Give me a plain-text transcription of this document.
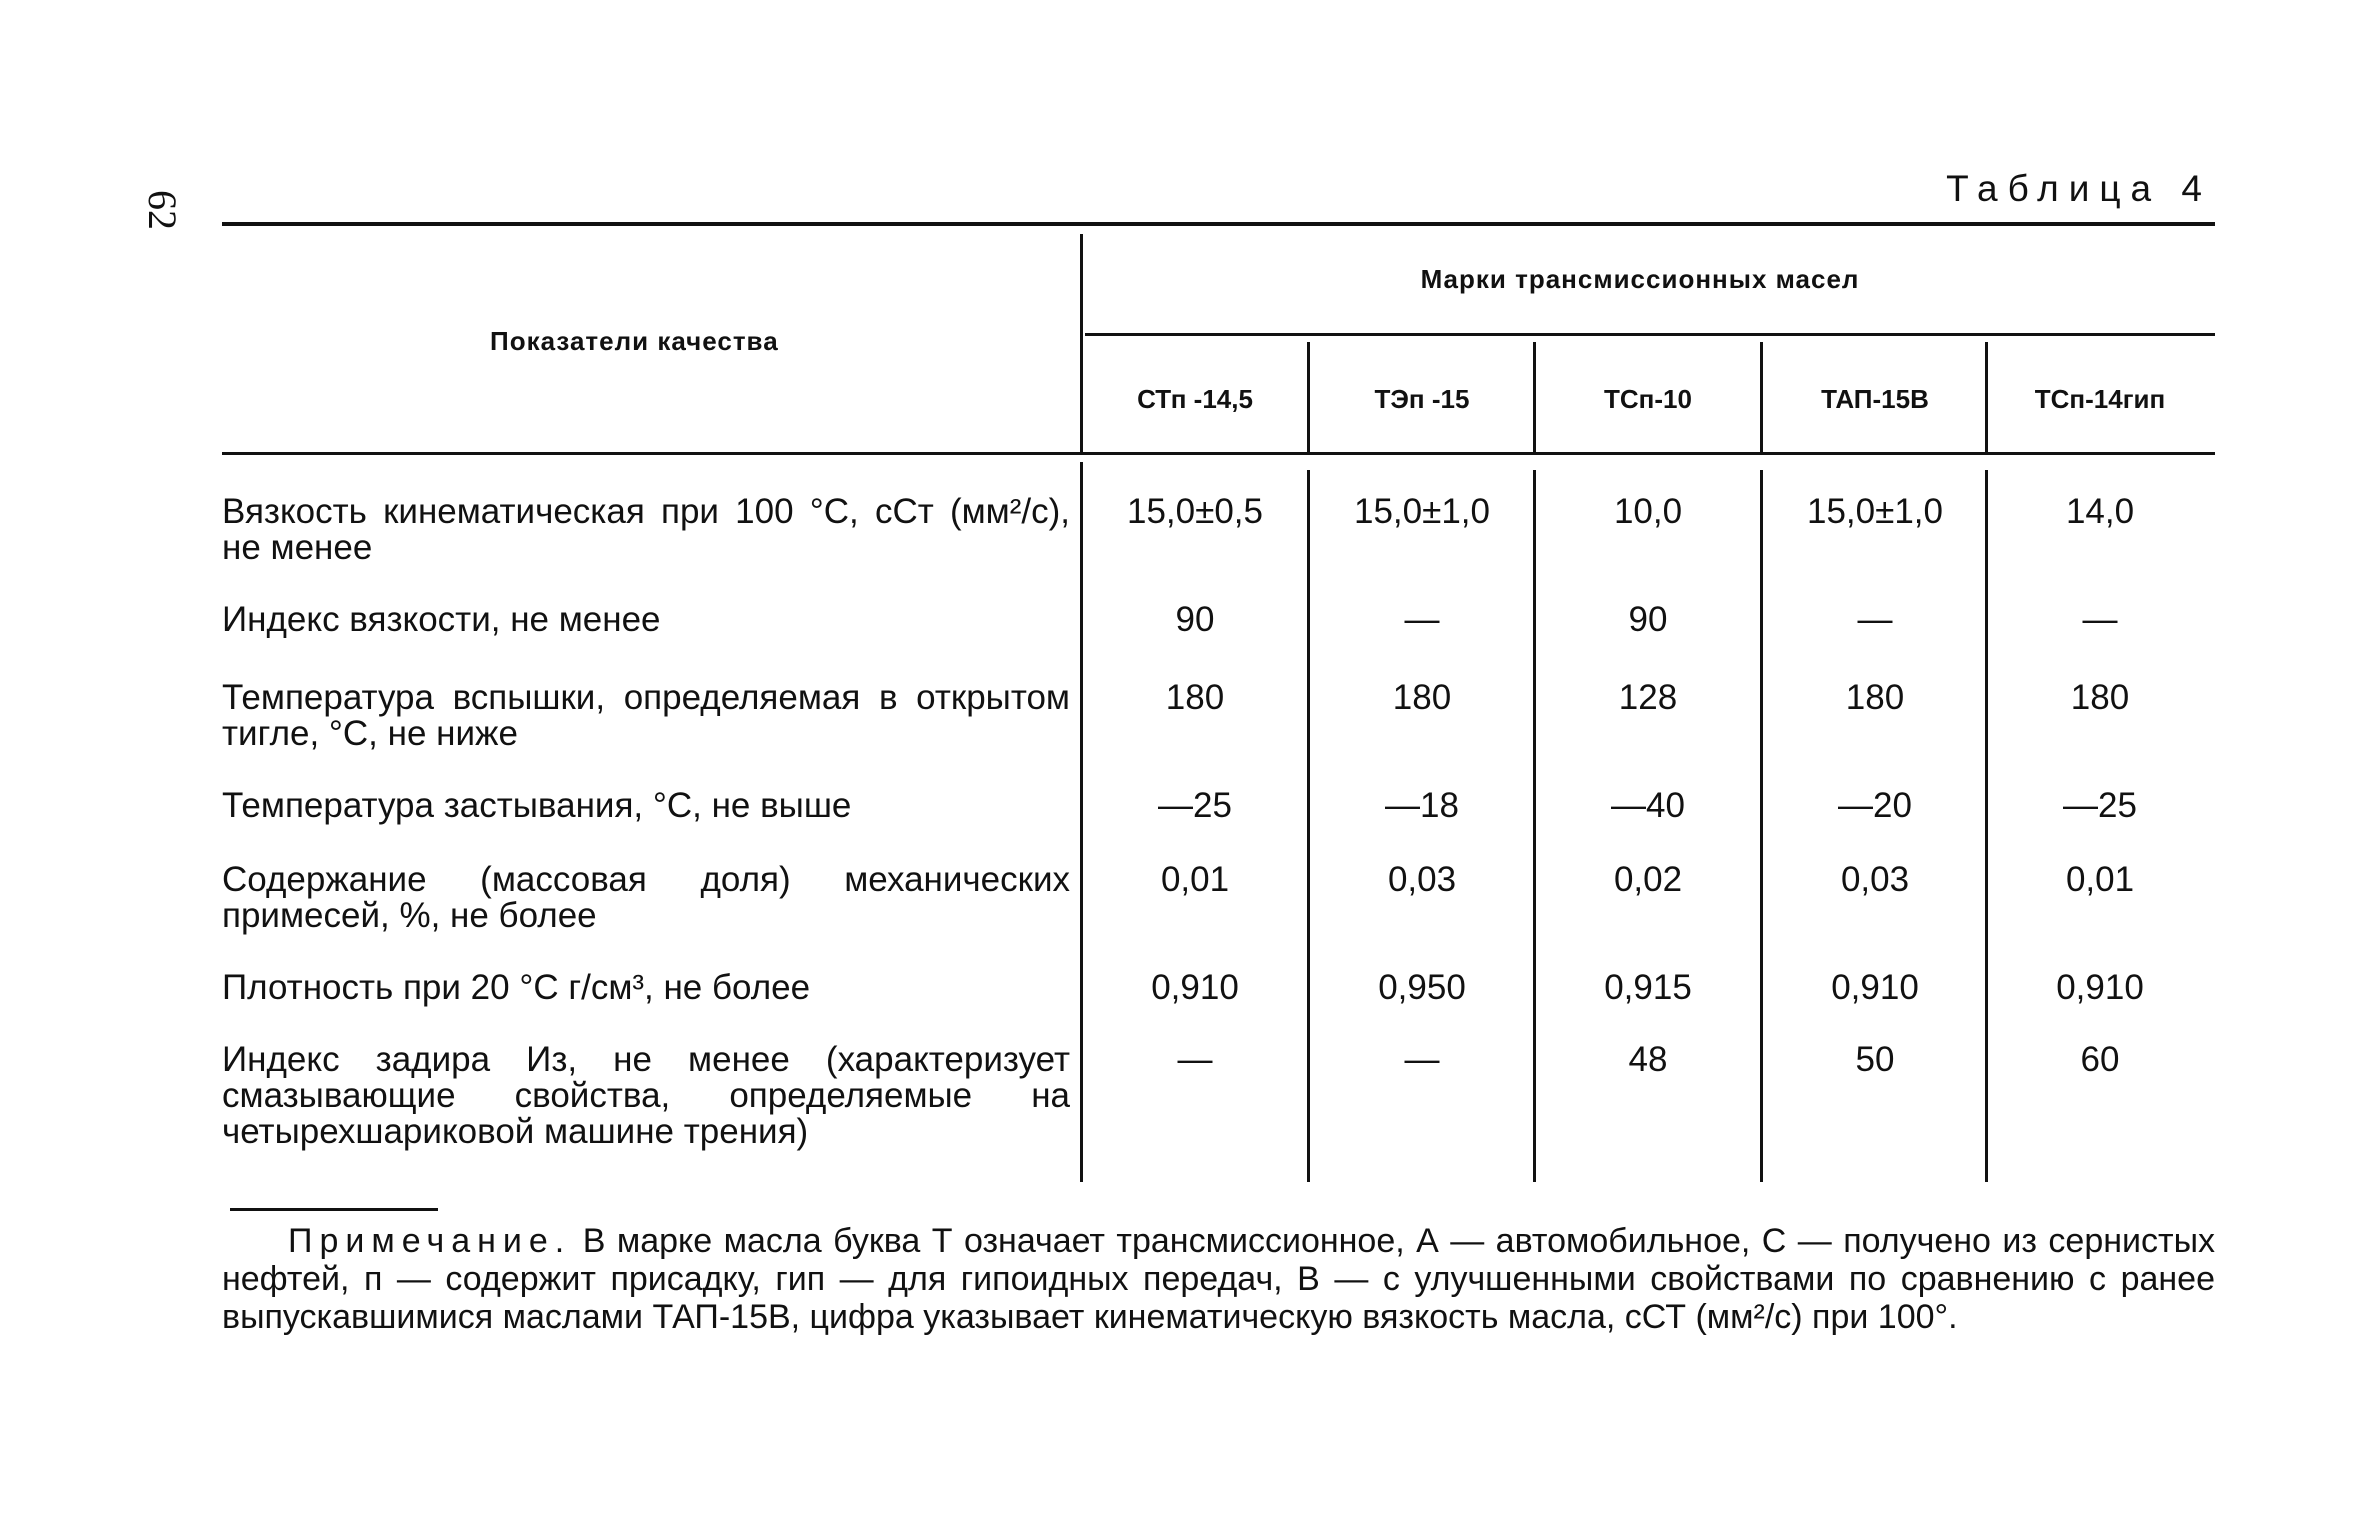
62
Таблица 4
Показатели качества
Марки трансмиссионных масел
СТп -14,5	ТЭп -15	ТСп-10	ТАП-15В	ТСп-14гип
Вязкость кинематическая при 100 °С, сСт (мм²/с), не менее
15,0±0,5	15,0±1,0	10,0	15,0±1,0	14,0
Индекс вязкости, не менее	90	—	90	—	—
Температура вспышки, определяемая в открытом тигле, °С, не ниже
180	180	128	180	180
Температура застывания, °С, не выше	—25	—18	—40	—20	—25
Содержание (массовая доля) механических примесей, %, не более
0,01	0,03	0,02	0,03	0,01
Плотность при 20 °С г/см³, не более	0,910	0,950	0,915	0,910	0,910
Индекс задира Из, не менее (характеризует смазывающие свойства, определяемые на четырехшариковой машине трения)
—	—	48	50	60
Примечание. В марке масла буква Т означает трансмиссионное, А — автомобильное, С — получено из сернистых нефтей, п — содержит присадку, гип — для гипоидных передач, В — с улучшенными свойствами по сравнению с ранее выпускавшимися маслами ТАП-15В, цифра указывает кинематическую вязкость масла, сСТ (мм²/с) при 100°.
